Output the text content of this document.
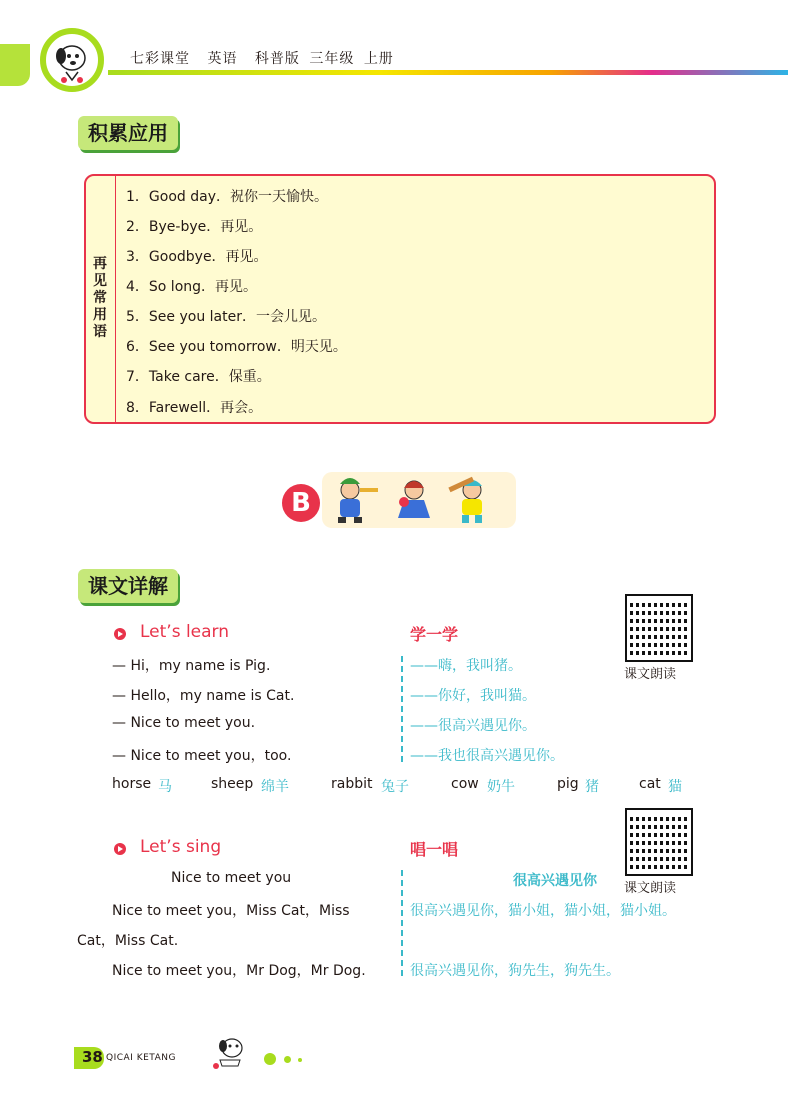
七彩课堂 英语 科普版 三年级 上册
积累应用
再见常用语
1．Good day．祝你一天愉快。
2．Bye-bye．再见。
3．Goodbye．再见。
4．So long．再见。
5．See you later．一会儿见。
6．See you tomorrow．明天见。
7．Take care．保重。
8．Farewell．再会。
B
课文详解
Let’s learn	学一学
课文朗读
— Hi，my name is Pig.	——嗨，我叫猪。
— Hello，my name is Cat.	——你好，我叫猫。
— Nice to meet you.	——很高兴遇见你。
— Nice to meet you，too.	——我也很高兴遇见你。
horse 马	sheep 绵羊	rabbit 兔子	cow 奶牛	pig 猪	cat 猫
Let’s sing	唱一唱
课文朗读
Nice to meet you	很高兴遇见你
Nice to meet you，Miss Cat，Miss
Cat，Miss Cat.
很高兴遇见你，猫小姐，猫小姐，猫小姐。
Nice to meet you，Mr Dog，Mr Dog.	很高兴遇见你，狗先生，狗先生。
38 QICAI KETANG
